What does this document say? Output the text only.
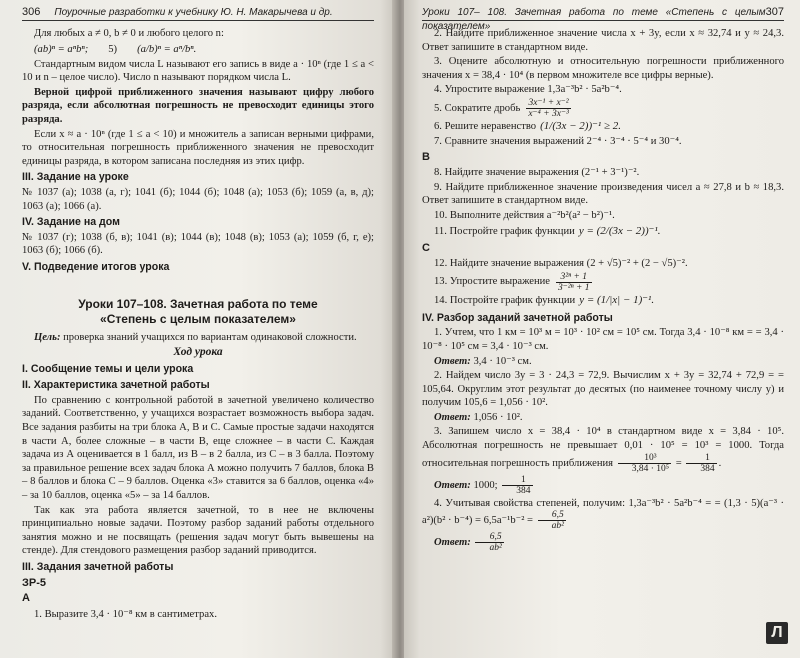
306 Поурочные разработки к учебнику Ю. Н. Макарычева и др.

Для любых a ≠ 0, b ≠ 0 и любого целого n:

(ab)ⁿ = aⁿbⁿ; 5) (a/b)ⁿ = aⁿ/bⁿ.

Стандартным видом числа L называют его запись в виде a · 10ⁿ (где 1 ≤ a < 10 и n – целое число). Число n называют порядком числа L.

Верной цифрой приближенного значения называют цифру любого разряда, если абсолютная погрешность не превосходит единицы этого разряда.

Если x ≈ a · 10ⁿ (где 1 ≤ a < 10) и множитель a записан верными цифрами, то относительная погрешность приближенного значения не превосходит единицы разряда, в котором записана последняя из этих цифр.

III. Задание на уроке

№ 1037 (а); 1038 (а, г); 1041 (б); 1044 (б); 1048 (а); 1053 (б); 1059 (а, в, д); 1063 (а); 1066 (а).

IV. Задание на дом

№ 1037 (г); 1038 (б, в); 1041 (в); 1044 (в); 1048 (в); 1053 (а); 1059 (б, г, е); 1063 (б); 1066 (б).

V. Подведение итогов урока
Уроки 107–108. Зачетная работа по теме
«Степень с целым показателем»

Цель: проверка знаний учащихся по вариантам одинаковой сложности.

Ход урока
I. Сообщение темы и цели урока
II. Характеристика зачетной работы

По сравнению с контрольной работой в зачетной увеличено количество заданий. Соответственно, у учащихся возрастает возможность выбора задач. Все задания разбиты на три блока А, В и С. Самые простые задачи находятся в части А, более сложные – в части В, еще сложнее – в части С. Каждая задача из А оценивается в 1 балл, из В – в 2 балла, из С – в 3 балла. Поэтому за правильное решение всех задач блока А можно получить 7 баллов, блока В – 8 баллов и блока С – 9 баллов. Оценка «3» ставится за 6 баллов, оценка «4» – за 10 баллов, оценка «5» – за 14 баллов.

Так как эта работа является зачетной, то в нее не включены принципиально новые задачи. Поэтому разбор заданий работы отдельного занятия можно и не посвящать (решения задач могут быть вывешены на стенде). Для стендового размещения разбор заданий приводится.

III. Задания зачетной работы
ЗР-5
А

1. Выразите 3,4 · 10⁻⁸ км в сантиметрах.

Уроки 107– 108. Зачетная работа по теме «Степень с целым показателем»
307

2. Найдите приближенное значение числа x + 3y, если x ≈ 32,74 и y ≈ 24,3. Ответ запишите в стандартном виде.

3. Оцените абсолютную и относительную погрешности приближенного значения x = 38,4 · 10⁴ (в первом множителе все цифры верные).

4. Упростите выражение 1,3a⁻³b² · 5a²b⁻⁴.

5. Сократите дробь $\frac{\text{3x⁻¹ + x⁻²}}{\text{x⁻⁴ + 3x⁻³}}$
6. Решите неравенство (1/(3x − 2))⁻¹ ≥ 2.

7. Сравните значения выражений 2⁻⁴ · 3⁻⁴ · 5⁻⁴ и 30⁻⁴.

В

8. Найдите значение выражения (2⁻¹ + 3⁻¹)⁻².

9. Найдите приближенное значение произведения чисел a ≈ 27,8 и b ≈ 18,3. Ответ запишите в стандартном виде.

10. Выполните действия a⁻²b²(a² − b²)⁻¹.

11. Постройте график функции y = (2/(3x − 2))⁻¹.
С

12. Найдите значение выражения (2 + √5)⁻² + (2 − √5)⁻².

13. Упростите выражение $\frac{\text{3²ⁿ + 1}}{\text{3⁻²ⁿ + 1}}$
14. Постройте график функции y = (1/|x| − 1)⁻¹.
IV. Разбор заданий зачетной работы

1. Учтем, что 1 км = 10³ м = 10³ · 10² см = 10⁵ см. Тогда 3,4 · 10⁻⁸ км = = 3,4 · 10⁻⁸ · 10⁵ см = 3,4 · 10⁻³ см.

Ответ: 3,4 · 10⁻³ см.

2. Найдем число 3y = 3 · 24,3 = 72,9. Вычислим x + 3y = 32,74 + 72,9 = = 105,64. Округлим этот результат до десятых (по наименее точному числу y) и получим 105,6 = 1,056 · 10².

Ответ: 1,056 · 10².

3. Запишем число x = 38,4 · 10⁴ в стандартном виде x = 3,84 · 10⁵. Абсолютная погрешность не превышает 0,01 · 10⁵ = 10³ = 1000. Тогда относительная погрешность приближения $\frac{\text{10³}}{\text{3,84 · 10⁵}} = \frac{1}{384}$ .

Ответ: 1000; $\frac{1}{384}$

4. Учитывая свойства степеней, получим: 1,3a⁻³b² · 5a²b⁻⁴ = = $(1,3 \cdot 5)(a^{-3} \cdot a^2)(b^2 \cdot b^{-4}) = 6,5a^{-1}b^{-2} = \frac{6,5}{\text{ab²}}$

Ответ: $\frac{6,5}{\text{ab²}}$

Л
